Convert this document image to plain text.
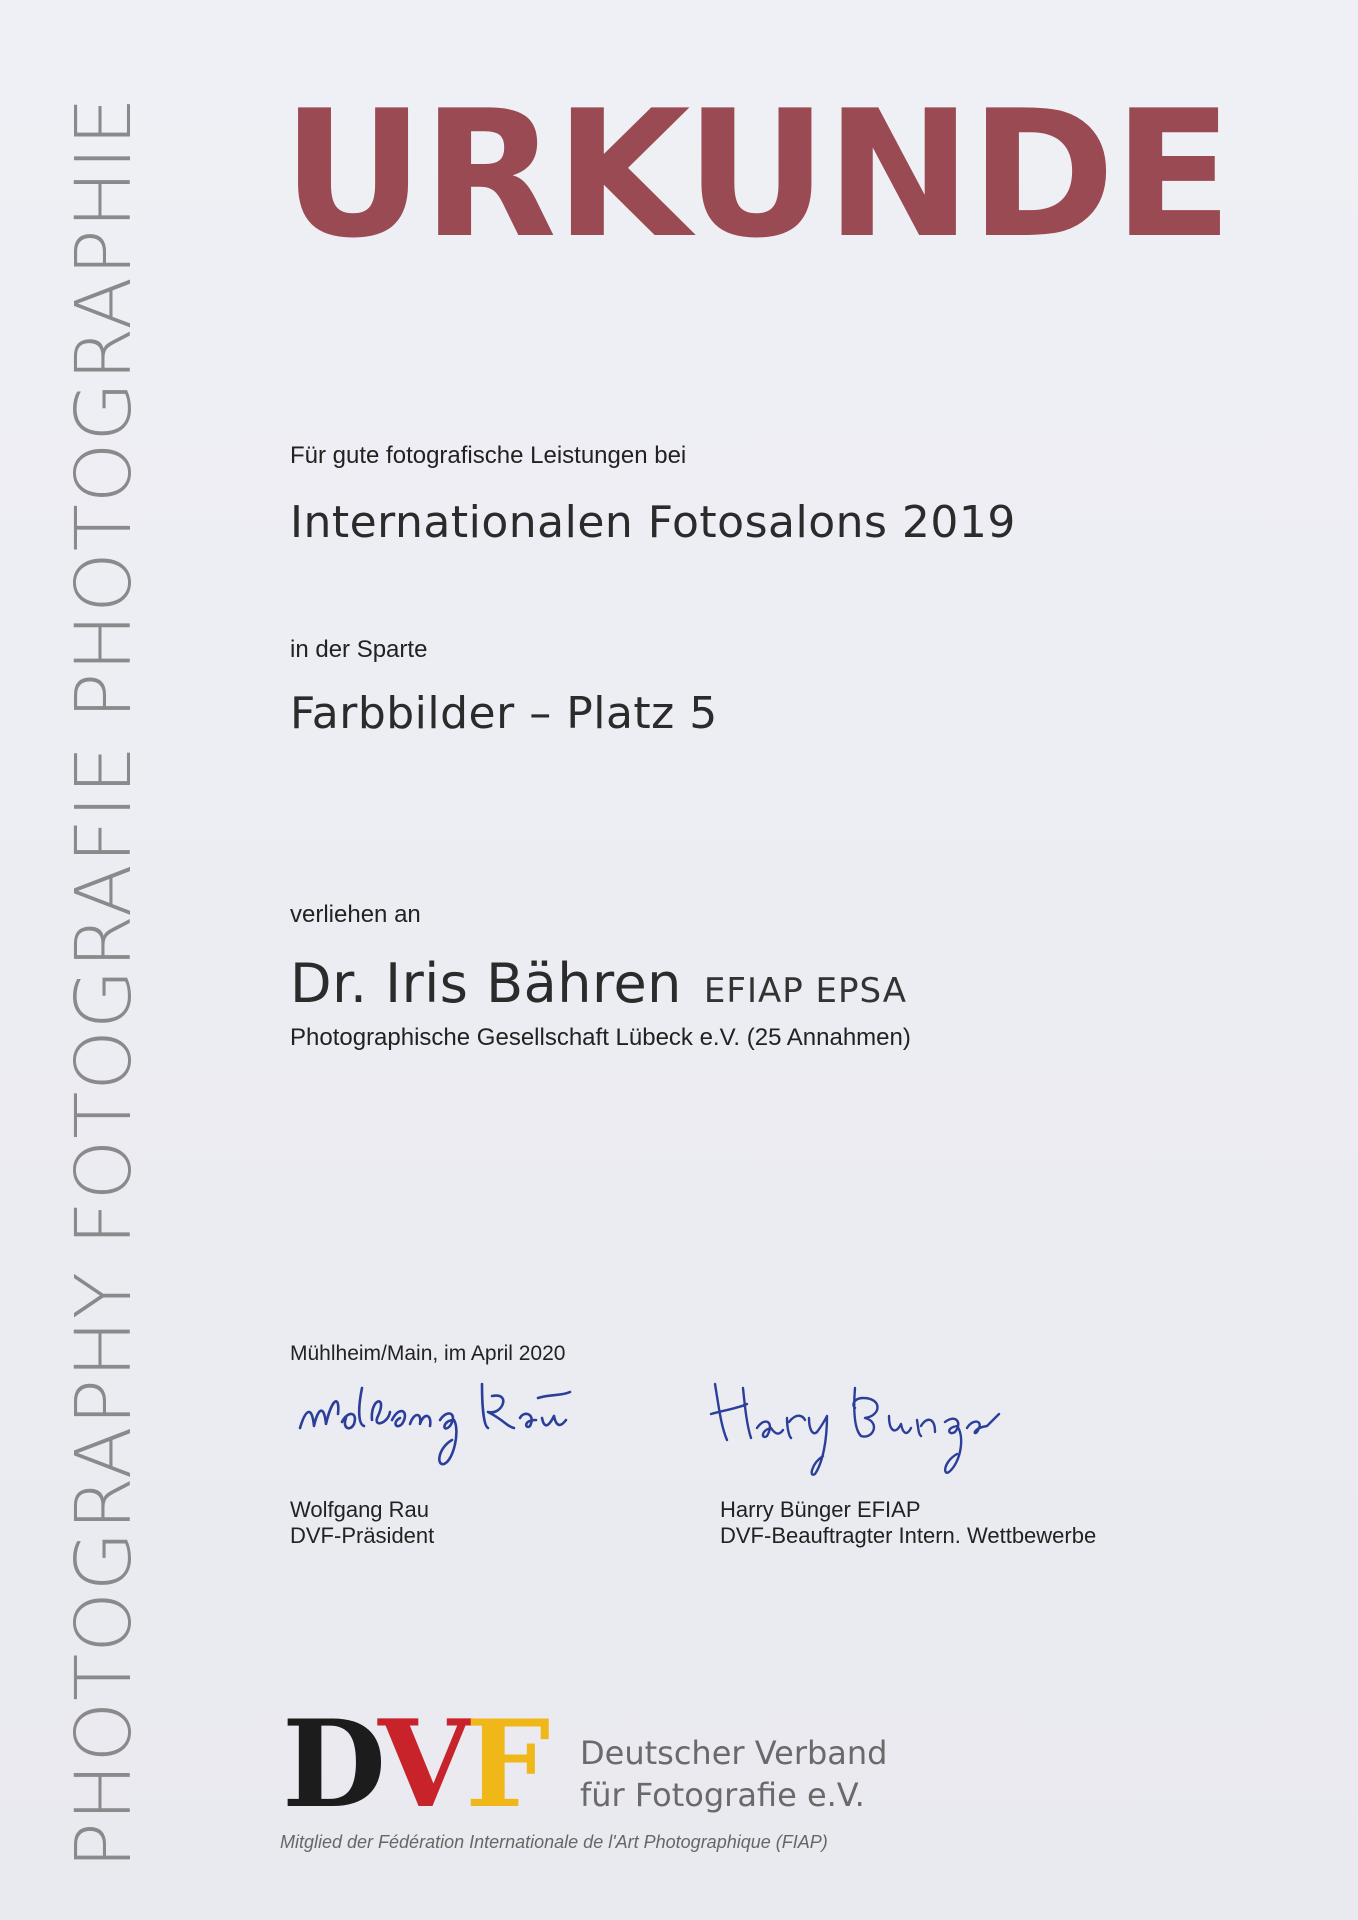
PHOTOGRAPHY FOTOGRAFIE PHOTOGRAPHIE URKUNDE
Für gute fotografische Leistungen bei
Internationalen Fotosalons 2019
in der Sparte
Farbbilder – Platz 5
verliehen an
Dr. Iris Bähren EFIAP EPSA
Photographische Gesellschaft Lübeck e.V. (25 Annahmen)
Mühlheim/Main, im April 2020
Wolfgang Rau
DVF-Präsident
Harry Bünger EFIAP
DVF-Beauftragter Intern. Wettbewerbe
DVF Deutscher Verband
für Fotografie e.V.
Mitglied der Fédération Internationale de l'Art Photographique (FIAP)
